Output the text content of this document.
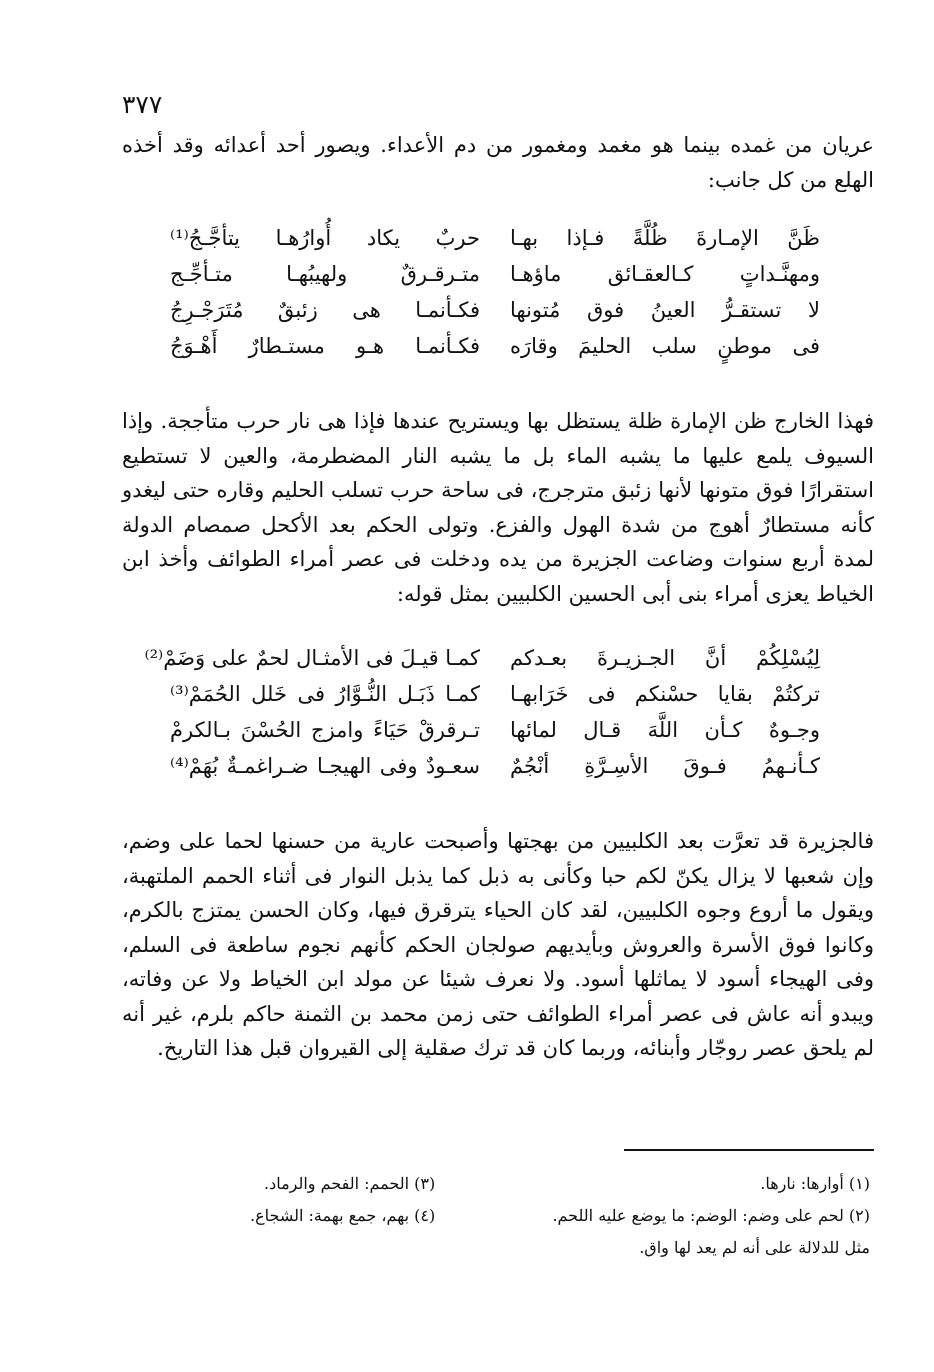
٣٧٧

عريان من غمده بينما هو مغمد ومغمور من دم الأعداء. ويصور أحد أعدائه وقد أخذه الهلع من كل جانب:

ظَنَّ الإمـارةَ ظُلَّةً فـإذا بهـا
حربٌ يكاد أُوارُهـا يتأجَّـجُ⁽¹⁾
ومهنَّـداتٍ كـالعقـائق ماؤهـا
متـرقـرقٌ ولهيبُهـا متـأجِّـج
لا تستقـرُّ العينُ فوق مُتونها
فكـأنمـا هى زئبقٌ مُتَرَجْـرِجُ
فى موطنٍ سلب الحليمَ وقارَه
فكـأنمـا هـو مستـطارٌ أَهْـوَجُ

فهذا الخارج ظن الإمارة ظلة يستظل بها ويستريح عندها فإذا هى نار حرب متأججة. وإذا السيوف يلمع عليها ما يشبه الماء بل ما يشبه النار المضطرمة، والعين لا تستطيع استقرارًا فوق متونها لأنها زئبق مترجرج، فى ساحة حرب تسلب الحليم وقاره حتى ليغدو كأنه مستطارٌ أهوج من شدة الهول والفزع. وتولى الحكم بعد الأكحل صمصام الدولة لمدة أربع سنوات وضاعت الجزيرة من يده ودخلت فى عصر أمراء الطوائف وأخذ ابن الخياط يعزى أمراء بنى أبى الحسين الكلبيين بمثل قوله:

لِيُسْلِكُمْ أنَّ الجـزيـرةَ بعـدكم
كمـا قيـلَ فى الأمثـال لحمٌ على وَضَمْ⁽²⁾
تركتُمْ بقايا حسْنكم فى خَرَابهـا
كمـا ذَبَـل النُّـوَّارُ فى خَلل الحُمَمْ⁽³⁾
وجـوهٌ كـأن اللَّهَ قـال لمائها
تـرقرقْ حَيَاءً وامزج الحُسْنَ بـالكرمْ
كـأنـهمُ فـوقَ الأسِـرَّةِ أنْجُمٌ
سعـودٌ وفى الهيجـا ضـراغمـةٌ بُهَمْ⁽⁴⁾

فالجزيرة قد تعرَّت بعد الكلبيين من بهجتها وأصبحت عارية من حسنها لحما على وضم، وإن شعبها لا يزال يكنّ لكم حبا وكأنى به ذبل كما يذبل النوار فى أثناء الحمم الملتهبة، ويقول ما أروع وجوه الكلبيين، لقد كان الحياء يترقرق فيها، وكان الحسن يمتزج بالكرم، وكانوا فوق الأسرة والعروش وبأيديهم صولجان الحكم كأنهم نجوم ساطعة فى السلم، وفى الهيجاء أسود لا يماثلها أسود. ولا نعرف شيئا عن مولد ابن الخياط ولا عن وفاته، ويبدو أنه عاش فى عصر أمراء الطوائف حتى زمن محمد بن الثمنة حاكم بلرم، غير أنه لم يلحق عصر روجّار وأبنائه، وربما كان قد ترك صقلية إلى القيروان قبل هذا التاريخ.

(١) أوارها: نارها.
(٢) لحم على وضم: الوضم: ما يوضع عليه اللحم.
(٣) الحمم: الفحم والرماد.
(٤) بهم، جمع بهمة: الشجاع.
مثل للدلالة على أنه لم يعد لها واق.
